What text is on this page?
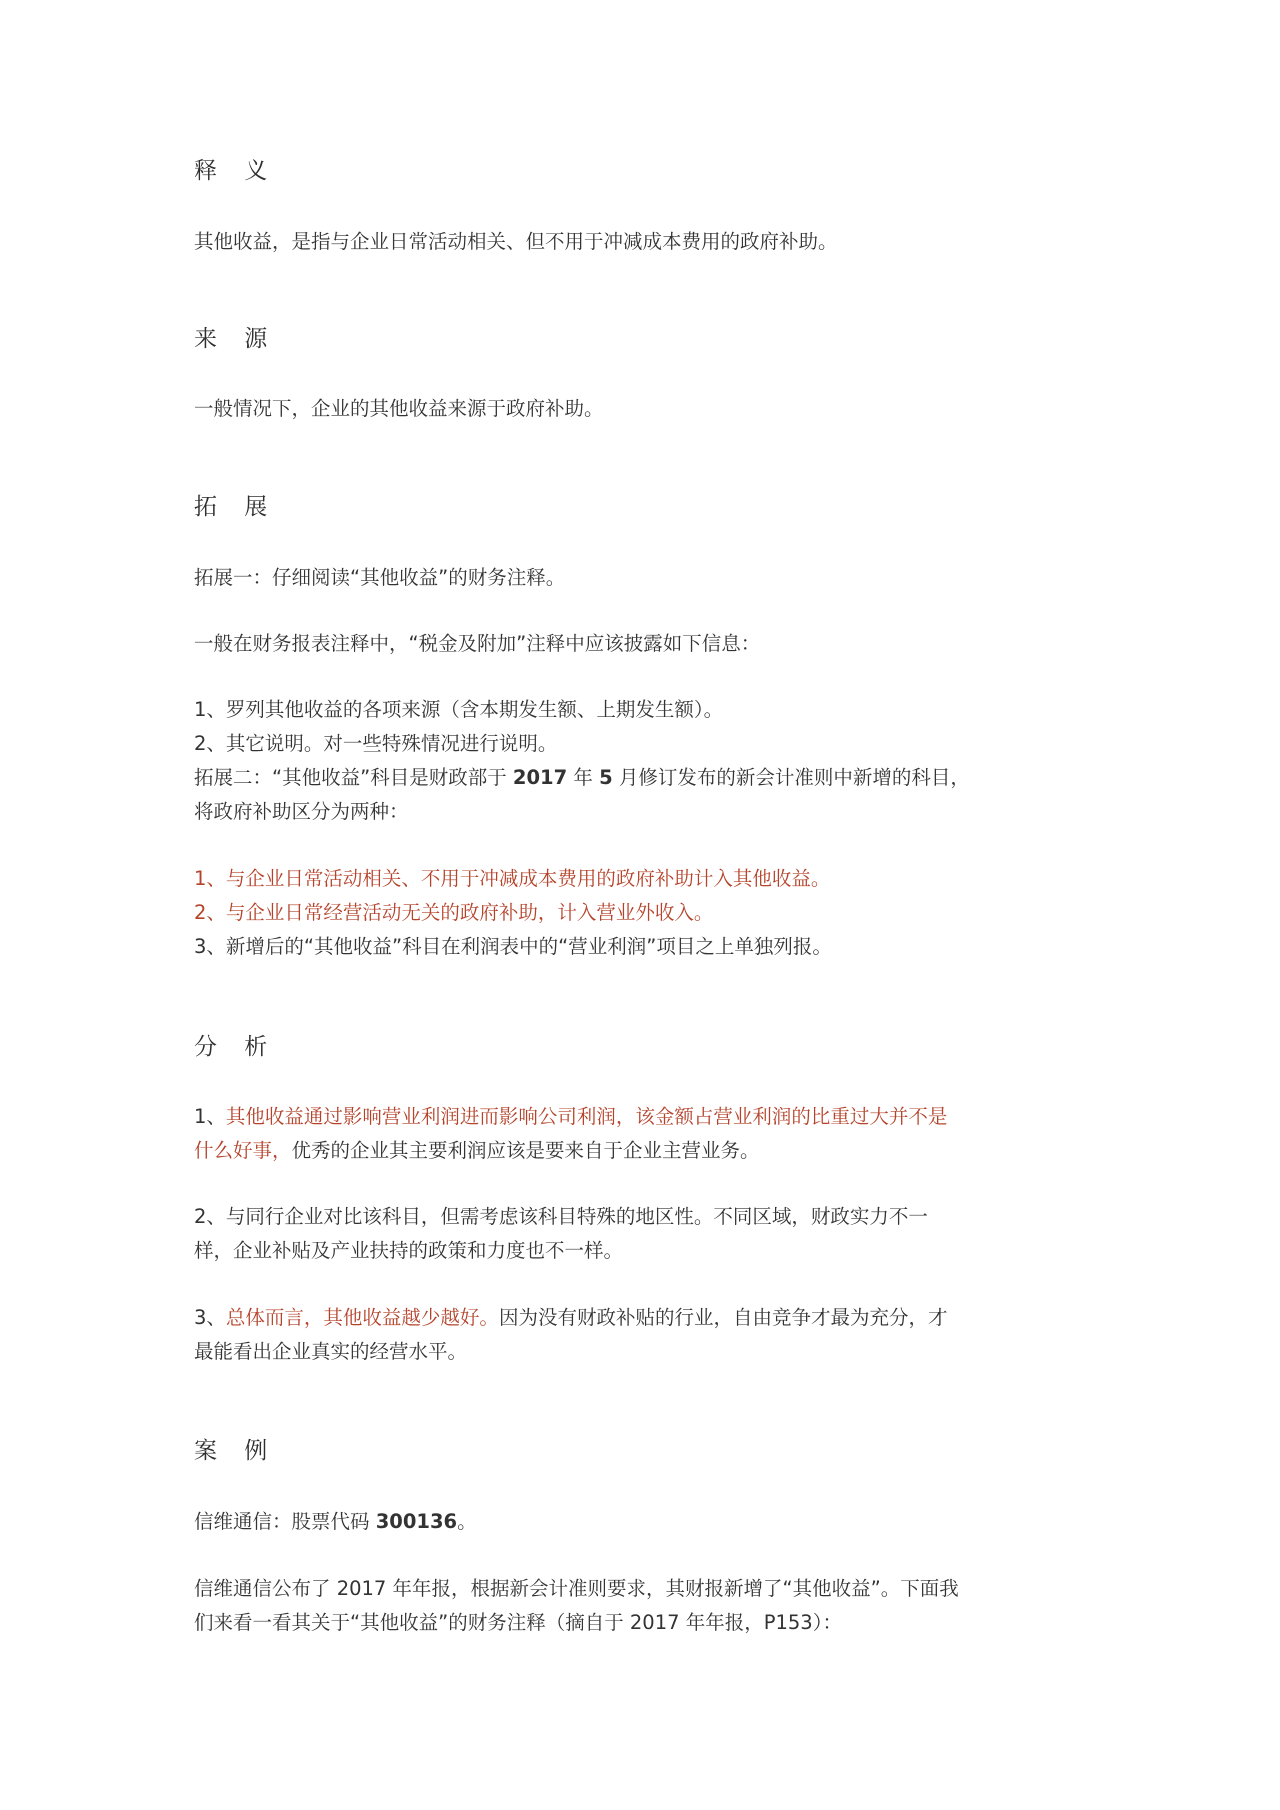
释 义
其他收益，是指与企业日常活动相关、但不用于冲减成本费用的政府补助。
来 源
一般情况下，企业的其他收益来源于政府补助。
拓 展
拓展一：仔细阅读“其他收益”的财务注释。
一般在财务报表注释中，“税金及附加”注释中应该披露如下信息：
1、罗列其他收益的各项来源（含本期发生额、上期发生额）。
2、其它说明。对一些特殊情况进行说明。
拓展二：“其他收益”科目是财政部于 2017 年 5 月修订发布的新会计准则中新增的科目，
将政府补助区分为两种：
1、与企业日常活动相关、不用于冲减成本费用的政府补助计入其他收益。
2、与企业日常经营活动无关的政府补助，计入营业外收入。
3、新增后的“其他收益”科目在利润表中的“营业利润”项目之上单独列报。
分 析
1、其他收益通过影响营业利润进而影响公司利润，该金额占营业利润的比重过大并不是
什么好事，优秀的企业其主要利润应该是要来自于企业主营业务。
2、与同行企业对比该科目，但需考虑该科目特殊的地区性。不同区域，财政实力不一
样，企业补贴及产业扶持的政策和力度也不一样。
3、总体而言，其他收益越少越好。因为没有财政补贴的行业，自由竞争才最为充分，才
最能看出企业真实的经营水平。
案 例
信维通信：股票代码 300136。
信维通信公布了 2017 年年报，根据新会计准则要求，其财报新增了“其他收益”。下面我
们来看一看其关于“其他收益”的财务注释（摘自于 2017 年年报，P153）：
